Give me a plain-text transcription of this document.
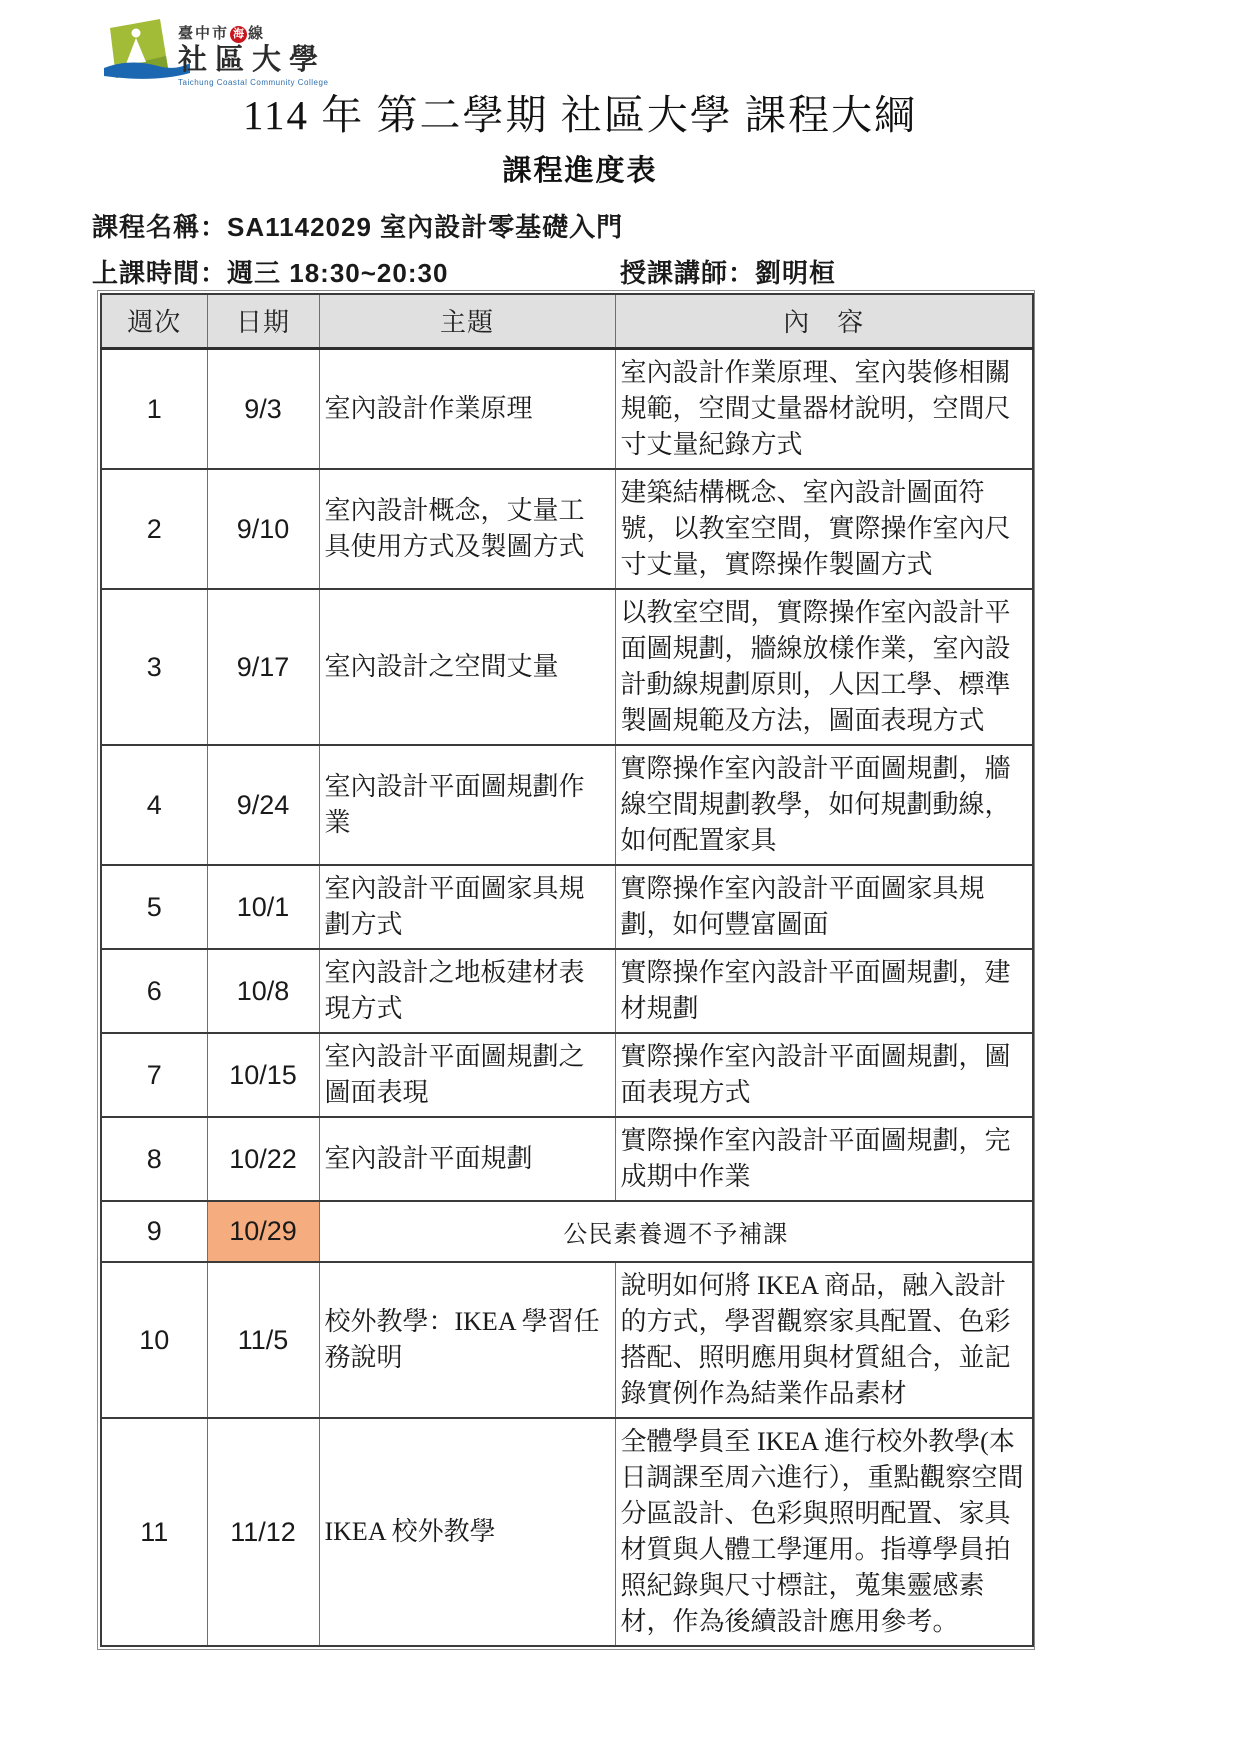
臺中市 海 線
社區大學
Taichung Coastal Community College
114 年 第二學期 社區大學 課程大綱
課程進度表
課程名稱：SA1142029 室內設計零基礎入門
上課時間：週三 18:30~20:30	授課講師：劉明桓
週次	日期	主題	內　容
1	9/3	室內設計作業原理	室內設計作業原理、室內裝修相關規範，空間丈量器材說明，空間尺寸丈量紀錄方式
2	9/10	室內設計概念，丈量工具使用方式及製圖方式	建築結構概念、室內設計圖面符號，以教室空間，實際操作室內尺寸丈量，實際操作製圖方式
3	9/17	室內設計之空間丈量	以教室空間，實際操作室內設計平面圖規劃，牆線放樣作業，室內設計動線規劃原則，人因工學、標準製圖規範及方法，圖面表現方式
4	9/24	室內設計平面圖規劃作業	實際操作室內設計平面圖規劃，牆線空間規劃教學，如何規劃動線，如何配置家具
5	10/1	室內設計平面圖家具規劃方式	實際操作室內設計平面圖家具規劃，如何豐富圖面
6	10/8	室內設計之地板建材表現方式	實際操作室內設計平面圖規劃，建材規劃
7	10/15	室內設計平面圖規劃之圖面表現	實際操作室內設計平面圖規劃，圖面表現方式
8	10/22	室內設計平面規劃	實際操作室內設計平面圖規劃，完成期中作業
9	10/29	公民素養週不予補課	
10	11/5	校外教學：IKEA 學習任務說明	說明如何將 IKEA 商品，融入設計的方式，學習觀察家具配置、色彩搭配、照明應用與材質組合，並記錄實例作為結業作品素材
11	11/12	IKEA 校外教學	全體學員至 IKEA 進行校外教學(本日調課至周六進行），重點觀察空間分區設計、色彩與照明配置、家具材質與人體工學運用。指導學員拍照紀錄與尺寸標註，蒐集靈感素材，作為後續設計應用參考。
